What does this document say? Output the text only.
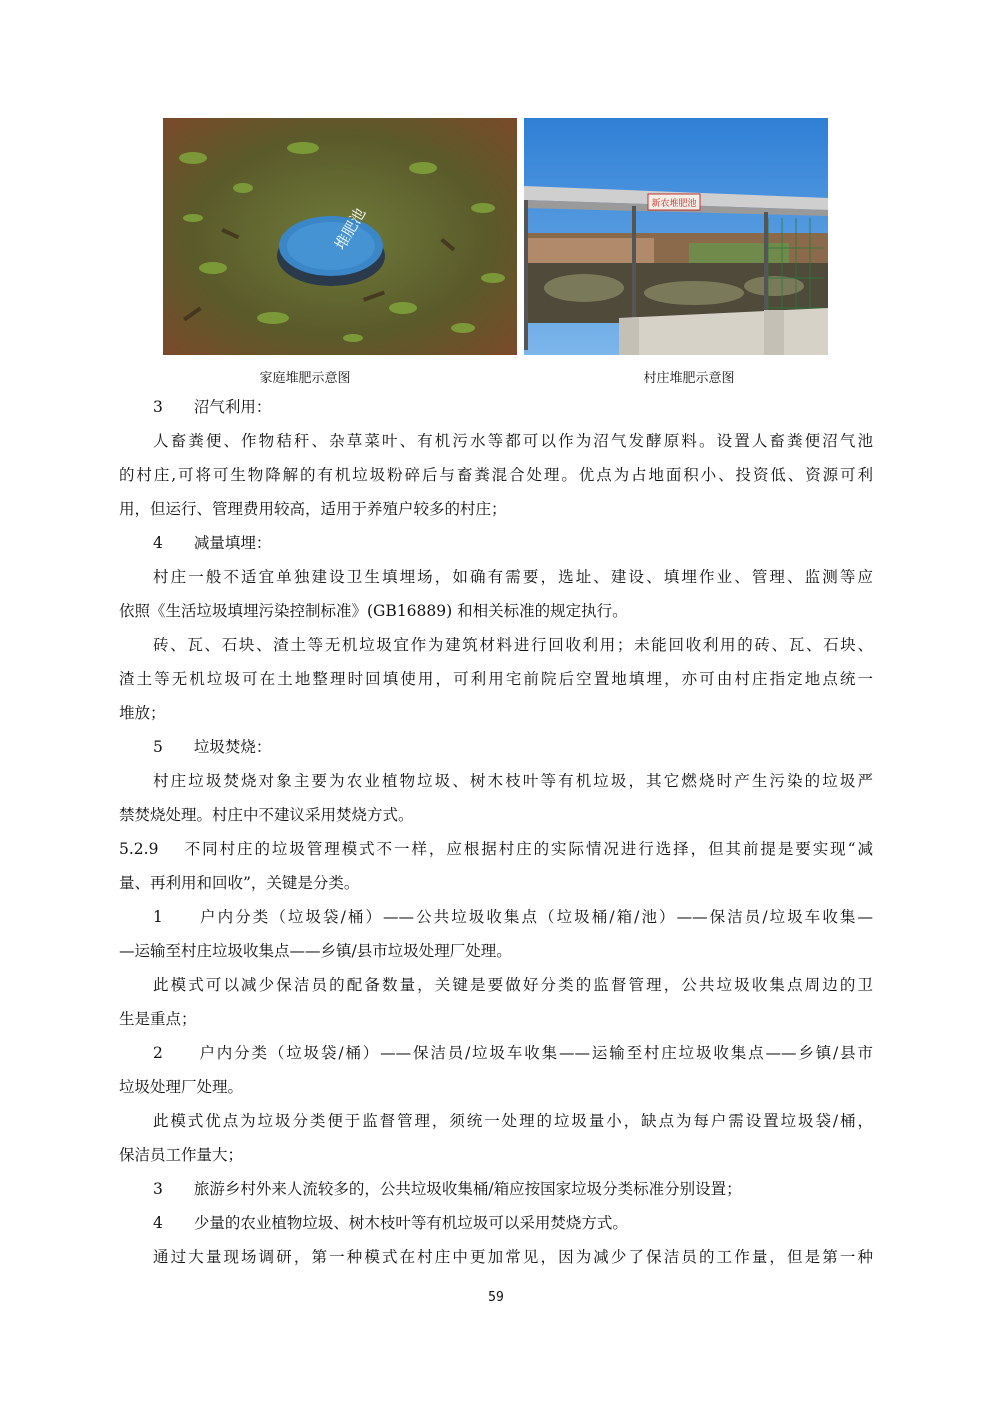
堆肥池
新农堆肥池
家庭堆肥示意图	村庄堆肥示意图
3　　沼气利用：
人畜粪便、作物秸秆、杂草菜叶、有机污水等都可以作为沼气发酵原料。设置人畜粪便沼气池
的村庄,可将可生物降解的有机垃圾粉碎后与畜粪混合处理。优点为占地面积小、投资低、资源可利
用，但运行、管理费用较高，适用于养殖户较多的村庄；
4　　减量填埋：
村庄一般不适宜单独建设卫生填埋场，如确有需要，选址、建设、填埋作业、管理、监测等应
依照《生活垃圾填埋污染控制标准》(GB16889) 和相关标准的规定执行。
砖、瓦、石块、渣土等无机垃圾宜作为建筑材料进行回收利用；未能回收利用的砖、瓦、石块、
渣土等无机垃圾可在土地整理时回填使用，可利用宅前院后空置地填埋，亦可由村庄指定地点统一
堆放；
5　　垃圾焚烧：
村庄垃圾焚烧对象主要为农业植物垃圾、树木枝叶等有机垃圾，其它燃烧时产生污染的垃圾严
禁焚烧处理。村庄中不建议采用焚烧方式。
5.2.9　 不同村庄的垃圾管理模式不一样，应根据村庄的实际情况进行选择，但其前提是要实现“减
量、再利用和回收”，关键是分类。
1　　户内分类（垃圾袋/桶）——公共垃圾收集点（垃圾桶/箱/池）——保洁员/垃圾车收集—
—运输至村庄垃圾收集点——乡镇/县市垃圾处理厂处理。
此模式可以减少保洁员的配备数量，关键是要做好分类的监督管理，公共垃圾收集点周边的卫
生是重点；
2　　户内分类（垃圾袋/桶）——保洁员/垃圾车收集——运输至村庄垃圾收集点——乡镇/县市
垃圾处理厂处理。
此模式优点为垃圾分类便于监督管理，须统一处理的垃圾量小，缺点为每户需设置垃圾袋/桶，
保洁员工作量大；
3　　旅游乡村外来人流较多的，公共垃圾收集桶/箱应按国家垃圾分类标准分别设置；
4　　少量的农业植物垃圾、树木枝叶等有机垃圾可以采用焚烧方式。
通过大量现场调研，第一种模式在村庄中更加常见，因为减少了保洁员的工作量，但是第一种
59
